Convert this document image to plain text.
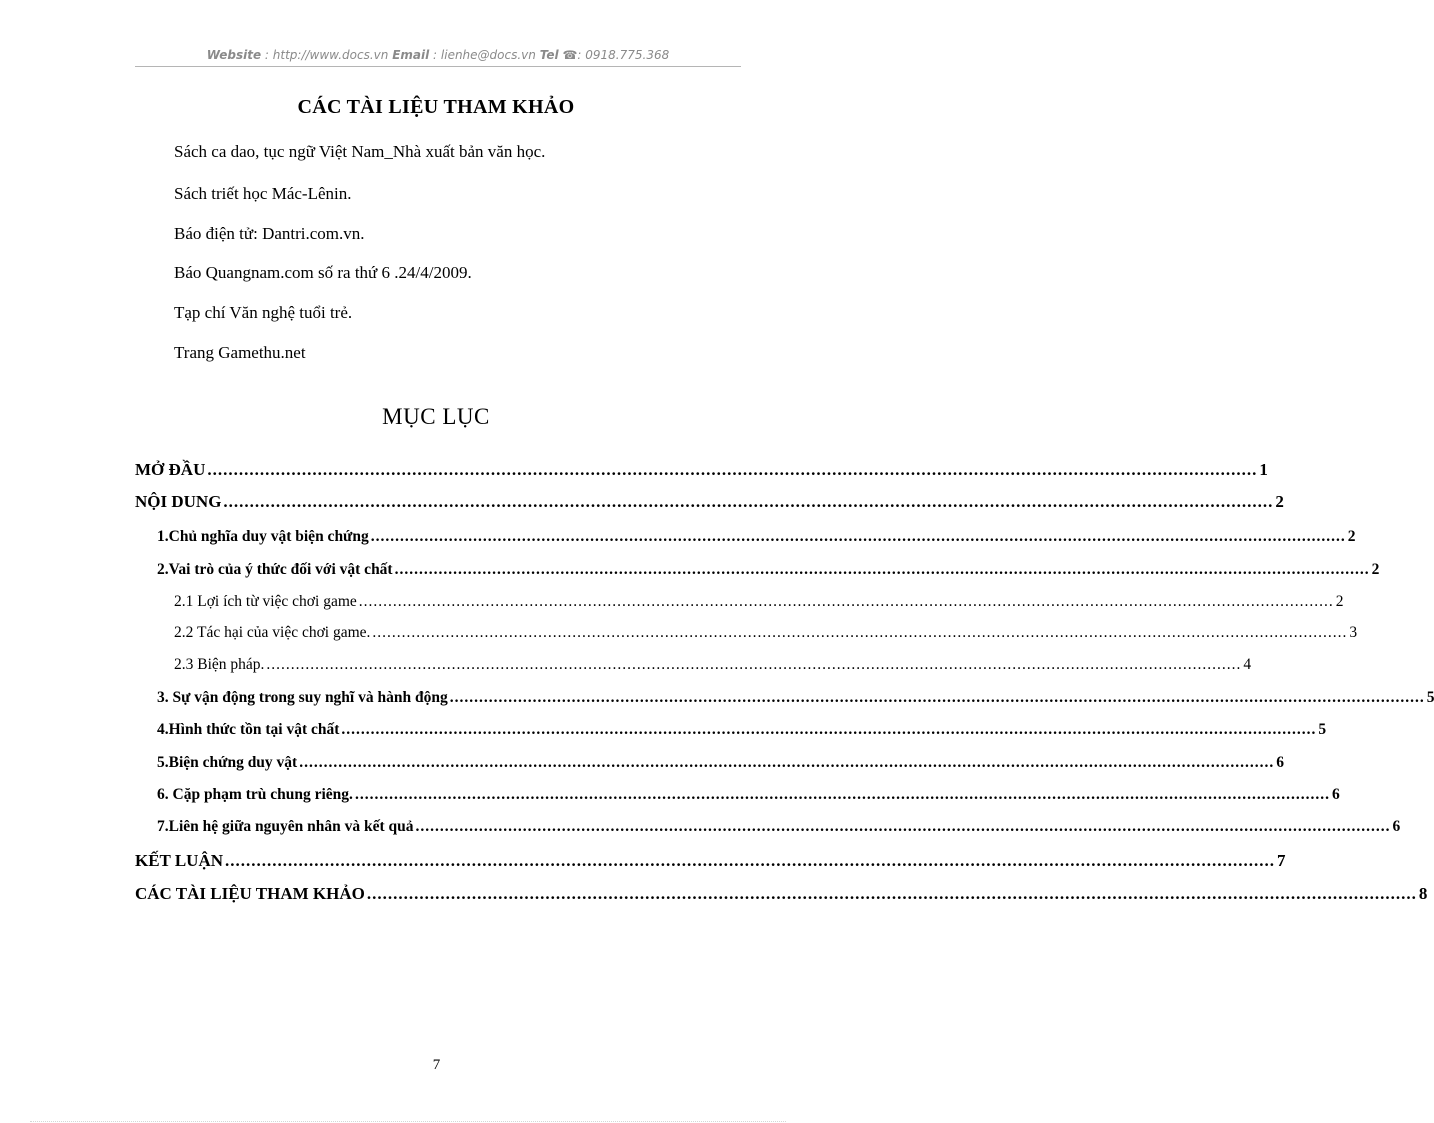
Website : http://www.docs.vn Email : lienhe@docs.vn Tel ☎: 0918.775.368
CÁC TÀI LIỆU THAM KHẢO
Sách ca dao, tục ngữ Việt Nam_Nhà xuất bản văn học.
Sách triết học Mác-Lênin.
Báo điện tử: Dantri.com.vn.
Báo Quangnam.com số ra thứ 6 .24/4/2009.
Tạp chí Văn nghệ tuổi trẻ.
Trang Gamethu.net
MỤC LỤC
MỞ ĐẦU ........................................................................................................................................................................................................ 1
NỘI DUNG ........................................................................................................................................................................................................ 2
1.Chủ nghĩa duy vật biện chứng ........................................................................................................................................................................................................ 2
2.Vai trò của ý thức đối với vật chất ........................................................................................................................................................................................................ 2
2.1 Lợi ích từ việc chơi game ........................................................................................................................................................................................................ 2
2.2 Tác hại của việc chơi game. ........................................................................................................................................................................................................ 3
2.3 Biện pháp. ........................................................................................................................................................................................................ 4
3. Sự vận động trong suy nghĩ và hành động ........................................................................................................................................................................................................ 5
4.Hình thức tồn tại vật chất ........................................................................................................................................................................................................ 5
5.Biện chứng duy vật ........................................................................................................................................................................................................ 6
6. Cặp phạm trù chung riêng. ........................................................................................................................................................................................................ 6
7.Liên hệ giữa nguyên nhân và kết quả ........................................................................................................................................................................................................ 6
KẾT LUẬN ........................................................................................................................................................................................................ 7
CÁC TÀI LIỆU THAM KHẢO ........................................................................................................................................................................................................ 8
7
